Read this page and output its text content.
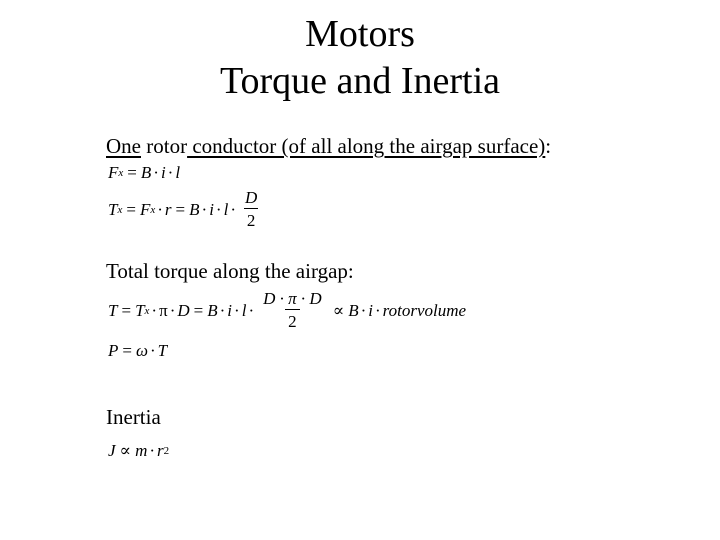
Motors
Torque and Inertia
One rotor conductor (of all along the airgap surface):
F x = B · i · l
T x = F $x \cdot r = B \cdot i \cdot l \cdot \frac{D}{2}$
Total torque along the airgap:
T = T $x \cdot \pi \cdot D = B \cdot i \cdot l \cdot \frac{D \cdot \pi \cdot D}{2} \propto B \cdot i$ · rotorvolume
P = ω · T
Inertia
J ∝ m · r 2
